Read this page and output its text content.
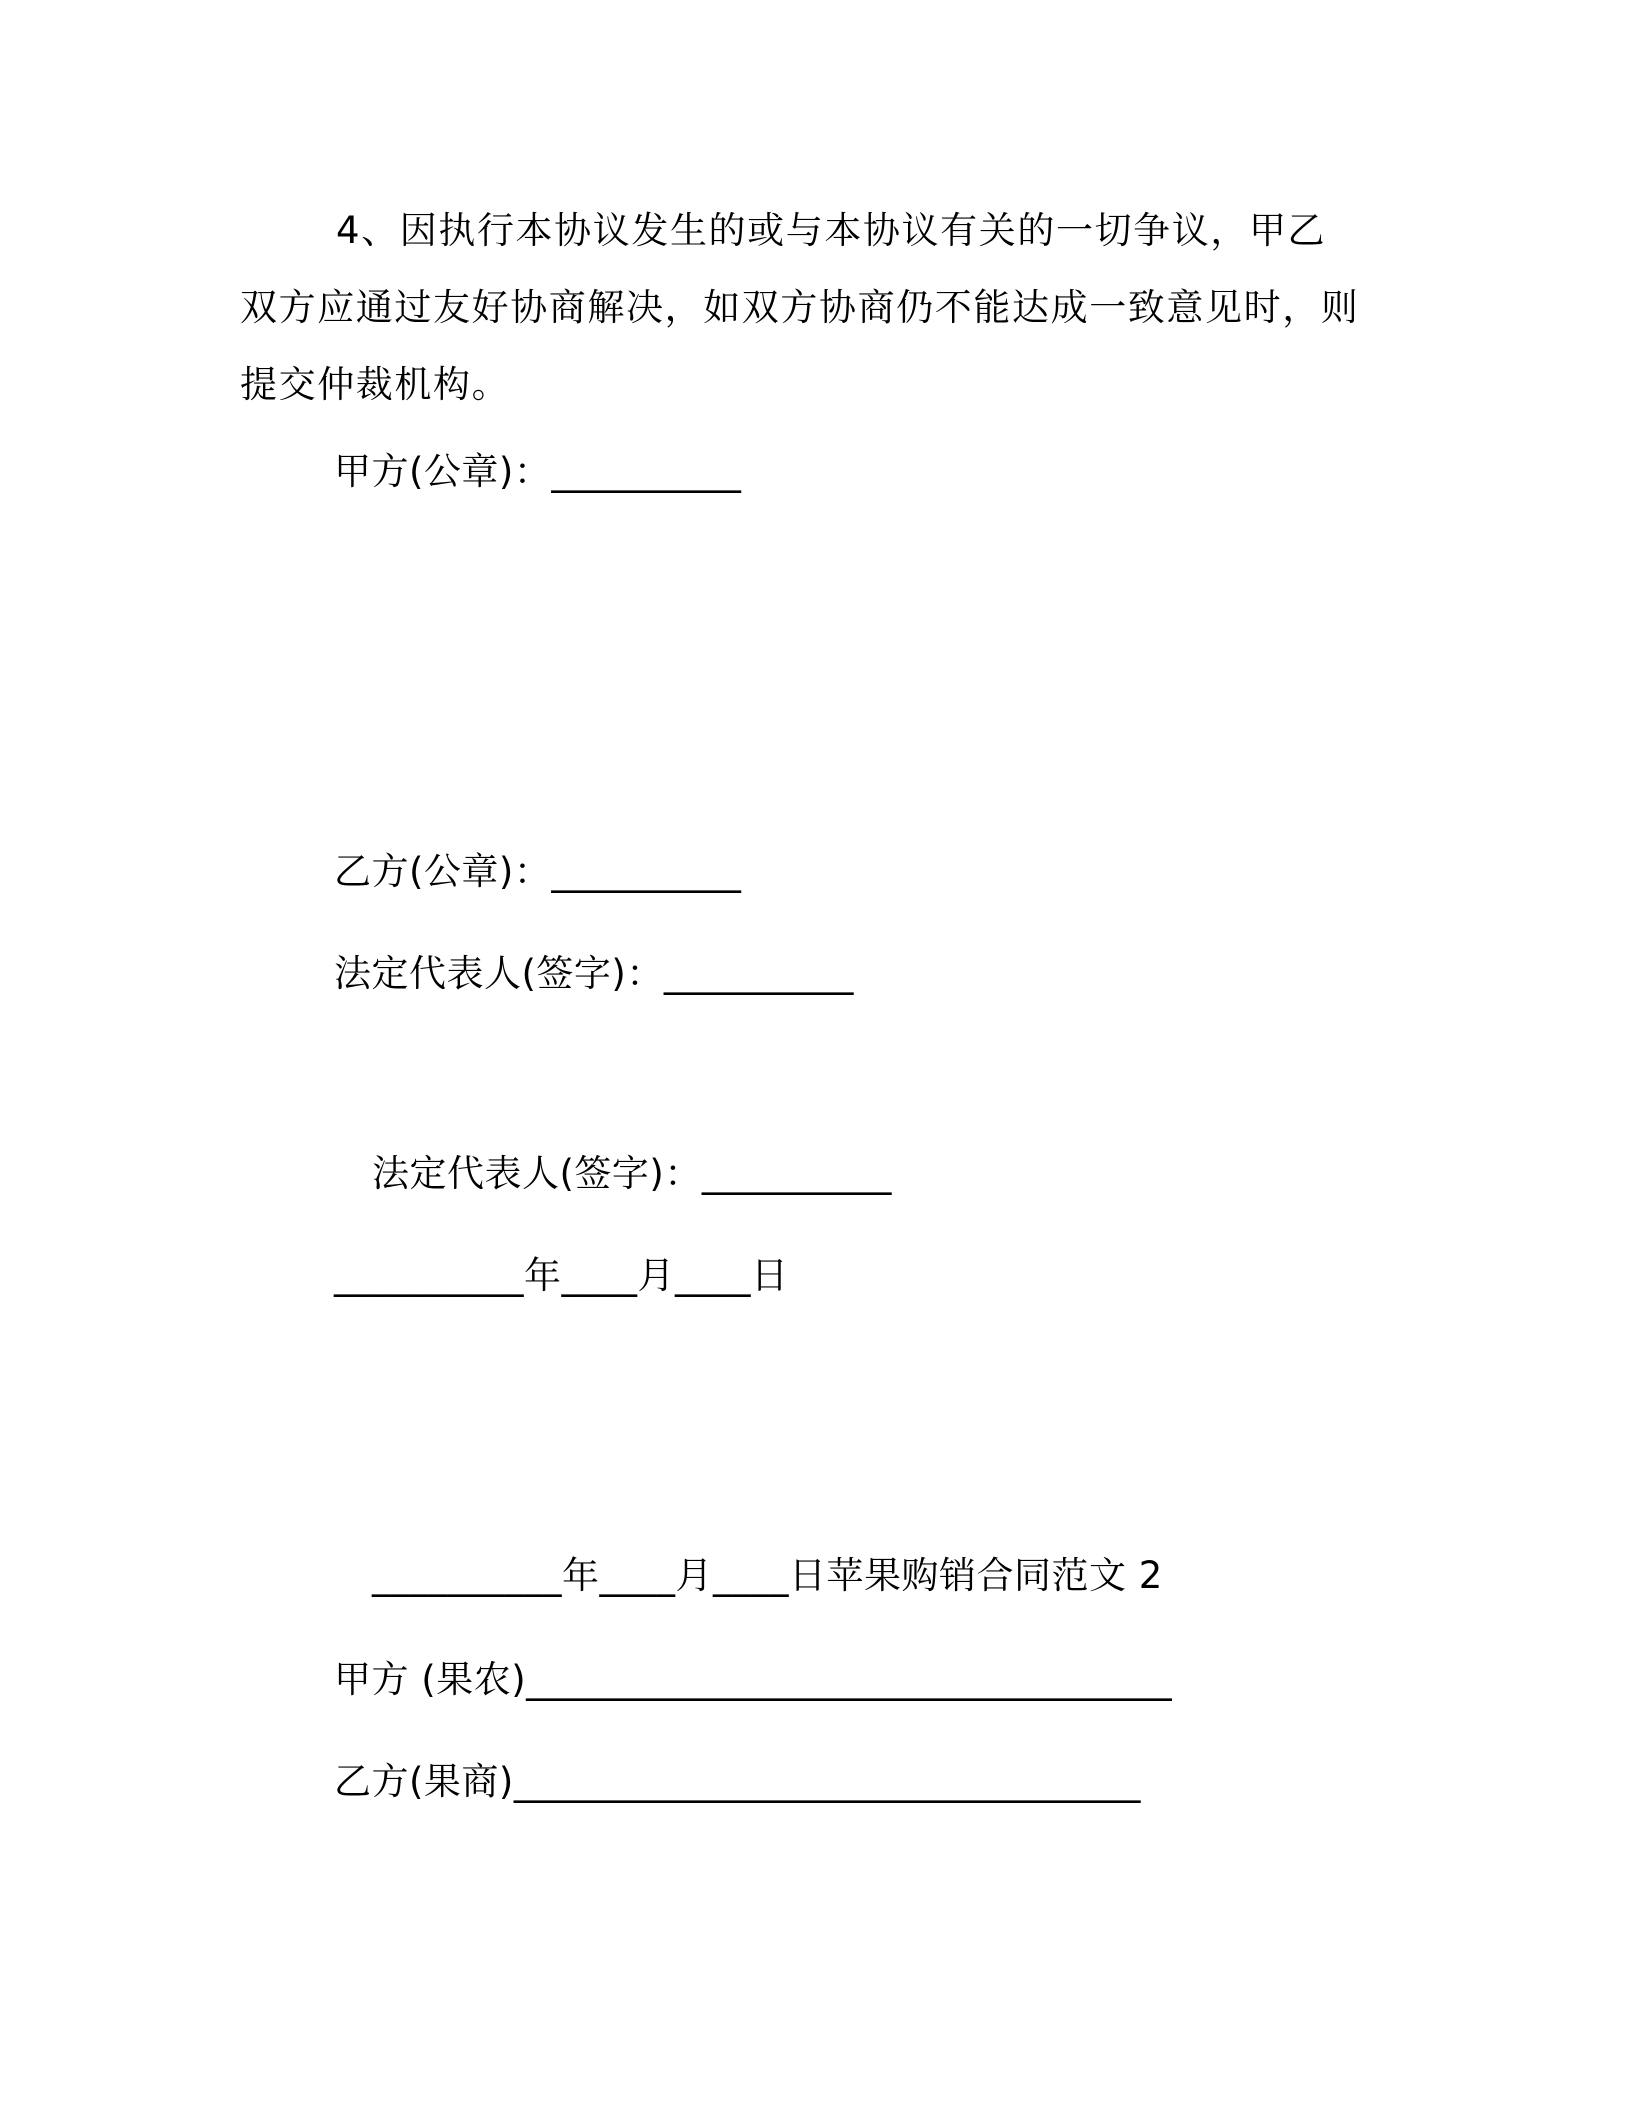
4、因执行本协议发生的或与本协议有关的一切争议，甲乙双方应通过友好协商解决，如双方协商仍不能达成一致意见时，则提交仲裁机构。
甲方(公章)：__________
乙方(公章)：__________
法定代表人(签字)：__________
法定代表人(签字)：__________
__________年____月____日
__________年____月____日苹果购销合同范文 2
甲方 (果农)__________________________________
乙方(果商)_________________________________
